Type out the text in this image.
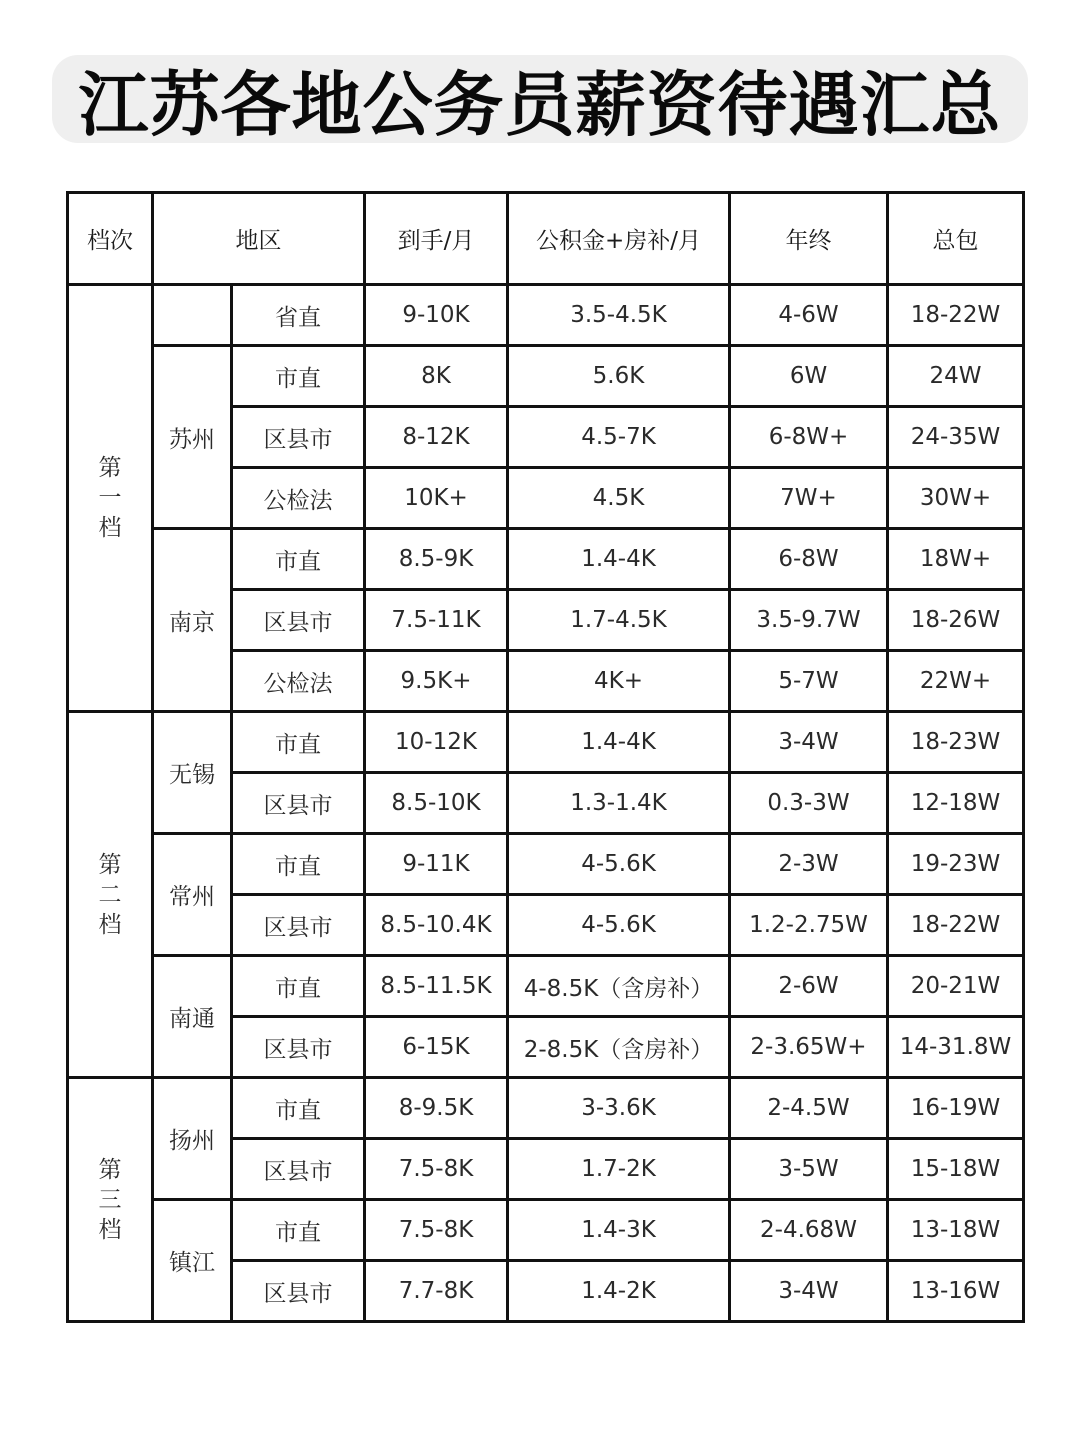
江苏各地公务员薪资待遇汇总
档次	地区		到手/月	公积金+房补/月	年终	总包

第
一
档		省直	9-10K	3.5-4.5K	4-6W	18-22W
	苏州	市直	8K	5.6K	6W	24W
		区县市	8-12K	4.5-7K	6-8W+	24-35W
		公检法	10K+	4.5K	7W+	30W+
	南京	市直	8.5-9K	1.4-4K	6-8W	18W+
		区县市	7.5-11K	1.7-4.5K	3.5-9.7W	18-26W
		公检法	9.5K+	4K+	5-7W	22W+

第
二
档	无锡	市直	10-12K	1.4-4K	3-4W	18-23W
		区县市	8.5-10K	1.3-1.4K	0.3-3W	12-18W
	常州	市直	9-11K	4-5.6K	2-3W	19-23W
		区县市	8.5-10.4K	4-5.6K	1.2-2.75W	18-22W
	南通	市直	8.5-11.5K	4-8.5K（含房补）	2-6W	20-21W
		区县市	6-15K	2-8.5K（含房补）	2-3.65W+	14-31.8W

第
三
档	扬州	市直	8-9.5K	3-3.6K	2-4.5W	16-19W
		区县市	7.5-8K	1.7-2K	3-5W	15-18W
	镇江	市直	7.5-8K	1.4-3K	2-4.68W	13-18W
		区县市	7.7-8K	1.4-2K	3-4W	13-16W
